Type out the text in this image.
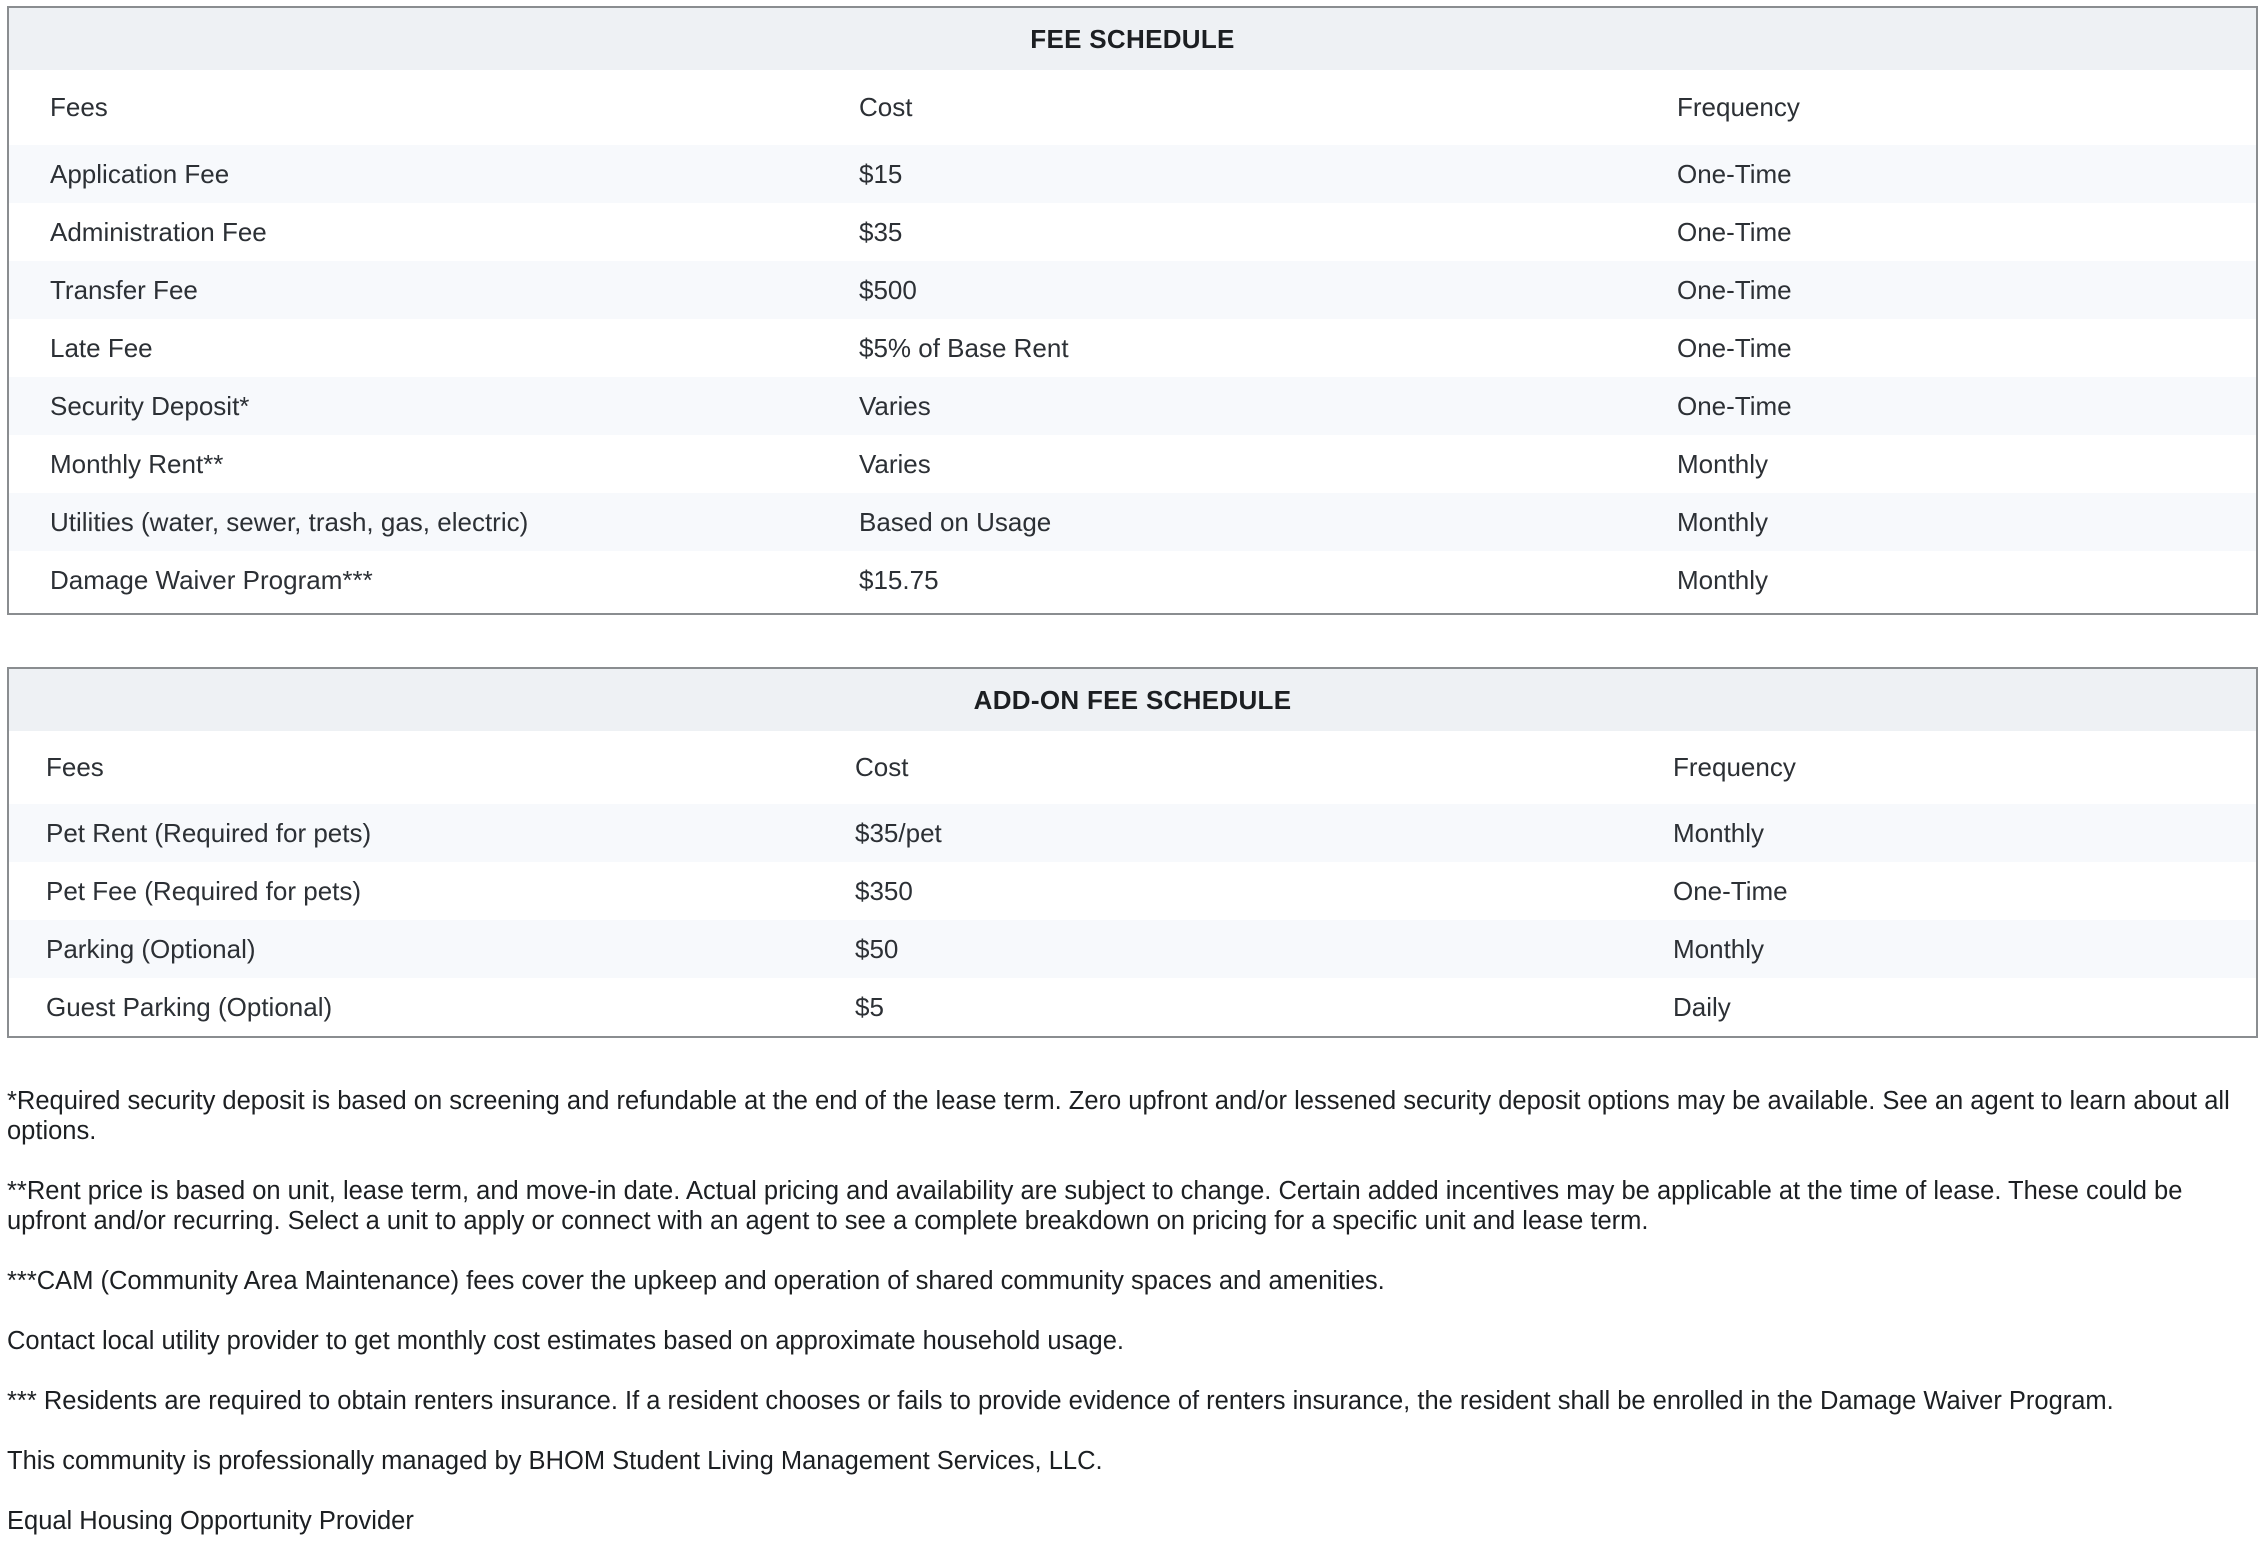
FEE SCHEDULE
Fees	Cost	Frequency
Application Fee	$15	One-Time
Administration Fee	$35	One-Time
Transfer Fee	$500	One-Time
Late Fee	$5% of Base Rent	One-Time
Security Deposit*	Varies	One-Time
Monthly Rent**	Varies	Monthly
Utilities (water, sewer, trash, gas, electric)	Based on Usage	Monthly
Damage Waiver Program***	$15.75	Monthly
ADD-ON FEE SCHEDULE
Fees	Cost	Frequency
Pet Rent (Required for pets)	$35/pet	Monthly
Pet Fee (Required for pets)	$350	One-Time
Parking (Optional)	$50	Monthly
Guest Parking (Optional)	$5	Daily

*Required security deposit is based on screening and refundable at the end of the lease term. Zero upfront and/or lessened security deposit options may be available. See an agent to learn about all options.

**Rent price is based on unit, lease term, and move-in date. Actual pricing and availability are subject to change. Certain added incentives may be applicable at the time of lease. These could be upfront and/or recurring. Select a unit to apply or connect with an agent to see a complete breakdown on pricing for a specific unit and lease term.

***CAM (Community Area Maintenance) fees cover the upkeep and operation of shared community spaces and amenities.

Contact local utility provider to get monthly cost estimates based on approximate household usage.

*** Residents are required to obtain renters insurance. If a resident chooses or fails to provide evidence of renters insurance, the resident shall be enrolled in the Damage Waiver Program.

This community is professionally managed by BHOM Student Living Management Services, LLC.

Equal Housing Opportunity Provider
